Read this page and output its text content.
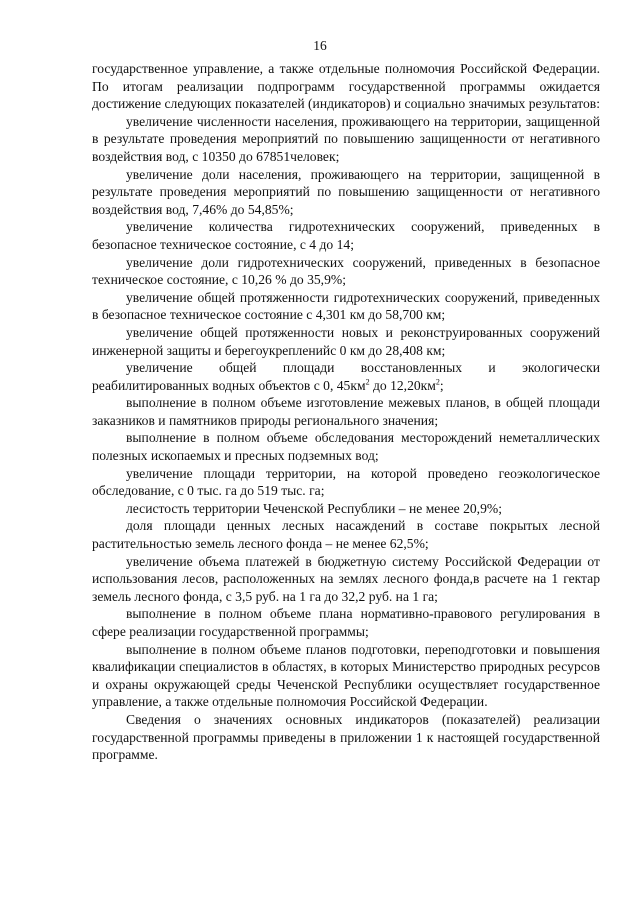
16

государственное управление, а также отдельные полномочия Российской Федерации. По итогам реализации подпрограмм государственной программы ожидается достижение следующих показателей (индикаторов) и социально значимых результатов:

увеличение численности населения, проживающего на территории, защищенной в результате проведения мероприятий по повышению защищенности от негативного воздействия вод, с 10350 до 67851человек;

увеличение доли населения, проживающего на территории, защищенной в результате проведения мероприятий по повышению защищенности от негативного воздействия вод, 7,46% до 54,85%;

увеличение количества гидротехнических сооружений, приведенных в безопасное техническое состояние, с 4 до 14;

увеличение доли гидротехнических сооружений, приведенных в безопасное техническое состояние, с 10,26 % до 35,9%;

увеличение общей протяженности гидротехнических сооружений, приведенных в безопасное техническое состояние с 4,301 км до 58,700 км;

увеличение общей протяженности новых и реконструированных сооружений инженерной защиты и берегоукрепленийс 0 км до 28,408 км;

увеличение общей площади восстановленных и экологически реабилитированных водных объектов с 0, $45км^2$ до $12,20км^2$;

выполнение в полном объеме изготовление межевых планов, в общей площади заказников и памятников природы регионального значения;

выполнение в полном объеме обследования месторождений неметаллических полезных ископаемых и пресных подземных вод;

увеличение площади территории, на которой проведено геоэкологическое обследование, с 0 тыс. га до 519 тыс. га;

лесистость территории Чеченской Республики – не менее 20,9%;

доля площади ценных лесных насаждений в составе покрытых лесной растительностью земель лесного фонда – не менее 62,5%;

увеличение объема платежей в бюджетную систему Российской Федерации от использования лесов, расположенных на землях лесного фонда,в расчете на 1 гектар земель лесного фонда, с 3,5 руб. на 1 га до 32,2 руб. на 1 га;

выполнение в полном объеме плана нормативно-правового регулирования в сфере реализации государственной программы;

выполнение в полном объеме планов подготовки, переподготовки и повышения квалификации специалистов в областях, в которых Министерство природных ресурсов и охраны окружающей среды Чеченской Республики осуществляет государственное управление, а также отдельные полномочия Российской Федерации.

Сведения о значениях основных индикаторов (показателей) реализации государственной программы приведены в приложении 1 к настоящей государственной программе.
